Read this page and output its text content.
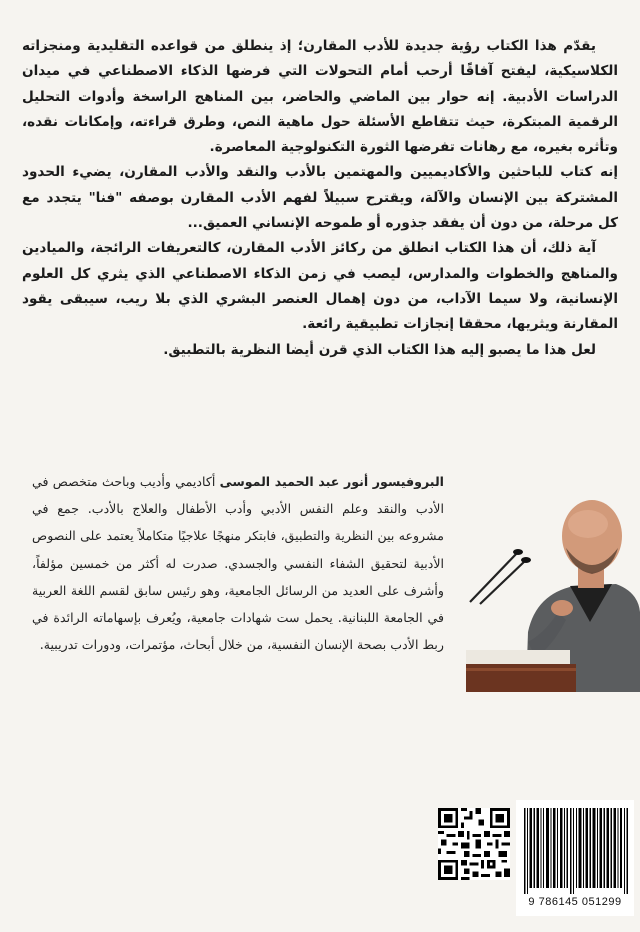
يقدّم هذا الكتاب رؤية جديدة للأدب المقارن؛ إذ ينطلق من قواعده التقليدية ومنجزاته الكلاسيكية، ليفتح آفاقًا أرحب أمام التحولات التي فرضها الذكاء الاصطناعي في ميدان الدراسات الأدبية. إنه حوار بين الماضي والحاضر، بين المناهج الراسخة وأدوات التحليل الرقمية المبتكرة، حيث تتقاطع الأسئلة حول ماهية النص، وطرق قراءته، وإمكانات نقده، وتأثره بغيره، مع رهانات تفرضها الثورة التكنولوجية المعاصرة.

إنه كتاب للباحثين والأكاديميين والمهتمين بالأدب والنقد والأدب المقارن، يضيء الحدود المشتركة بين الإنسان والآلة، ويقترح سبيلاً لفهم الأدب المقارن بوصفه "فنا" يتجدد مع كل مرحلة، من دون أن يفقد جذوره أو طموحه الإنساني العميق...

آية ذلك، أن هذا الكتاب انطلق من ركائز الأدب المقارن، كالتعريفات الرائجة، والميادين والمناهج والخطوات والمدارس، ليصب في زمن الذكاء الاصطناعي الذي يثري كل العلوم الإنسانية، ولا سيما الآداب، من دون إهمال العنصر البشري الذي بلا ريب، سيبقى يقود المقارنة ويثريها، محققا إنجازات تطبيقية رائعة.

لعل هذا ما يصبو إليه هذا الكتاب الذي قرن أيضا النظرية بالتطبيق.

البروفيسور أنور عبد الحميد الموسى أكاديمي وأديب وباحث متخصص في الأدب والنقد وعلم النفس الأدبي وأدب الأطفال والعلاج بالأدب. جمع في مشروعه بين النظرية والتطبيق، فابتكر منهجًا علاجيًا متكاملاً يعتمد على النصوص الأدبية لتحقيق الشفاء النفسي والجسدي. صدرت له أكثر من خمسين مؤلفاً، وأشرف على العديد من الرسائل الجامعية، وهو رئيس سابق لقسم اللغة العربية في الجامعة اللبنانية. يحمل ست شهادات جامعية، ويُعرف بإسهاماته الرائدة في ربط الأدب بصحة الإنسان النفسية، من خلال أبحاث، مؤتمرات، ودورات تدريبية.
9 786145 051299
